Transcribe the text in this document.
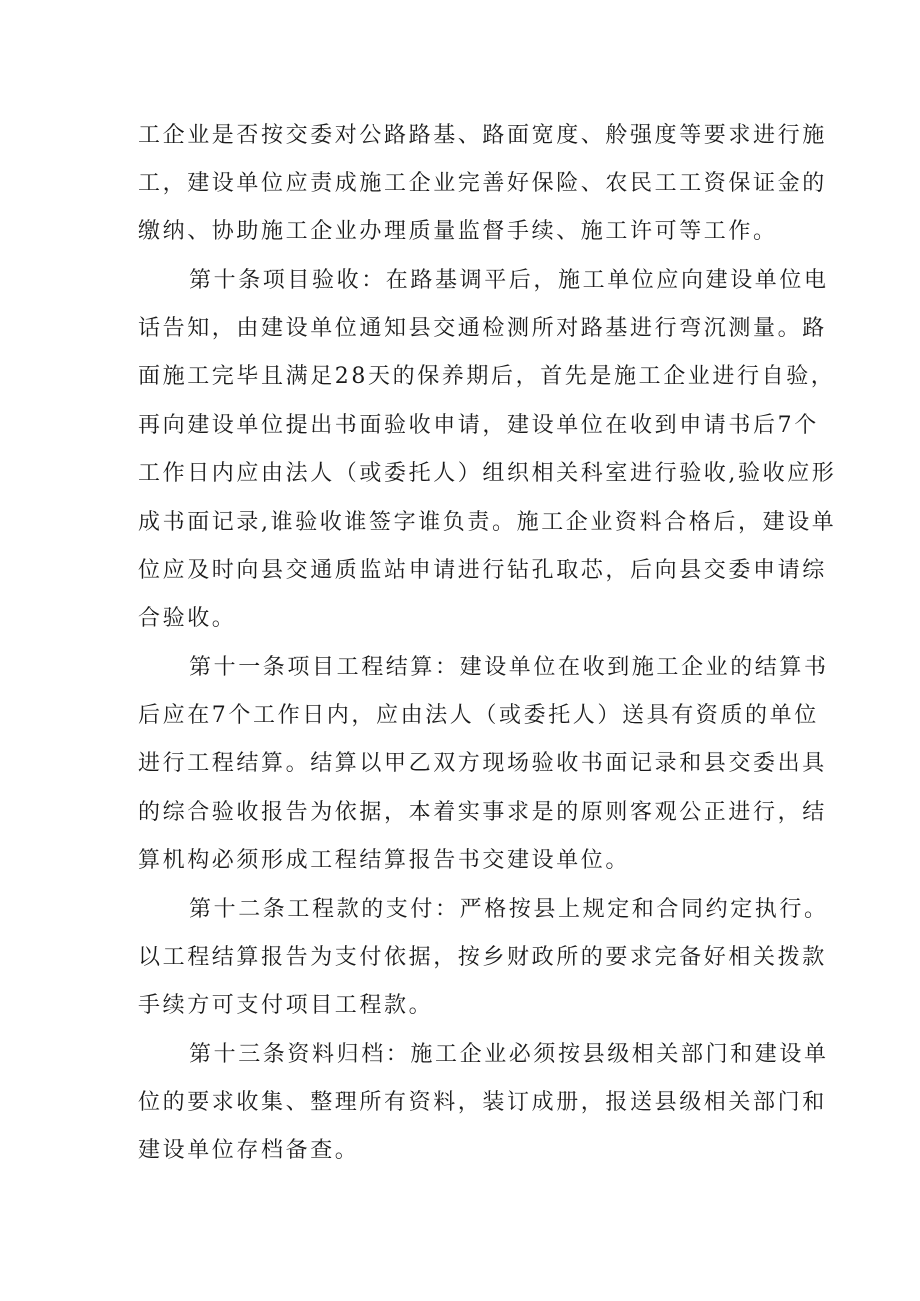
工企业是否按交委对公路路基、路面宽度、舲强度等要求进行施
工，建设单位应责成施工企业完善好保险、农民工工资保证金的
缴纳、协助施工企业办理质量监督手续、施工许可等工作。
第十条项目验收：在路基调平后，施工单位应向建设单位电
话告知，由建设单位通知县交通检测所对路基进行弯沉测量。路
面施工完毕且满足28天的保养期后，首先是施工企业进行自验，
再向建设单位提出书面验收申请，建设单位在收到申请书后7个
工作日内应由法人（或委托人）组织相关科室进行验收,验收应形
成书面记录,谁验收谁签字谁负责。施工企业资料合格后，建设单
位应及时向县交通质监站申请进行钻孔取芯，后向县交委申请综
合验收。
第十一条项目工程结算：建设单位在收到施工企业的结算书
后应在7个工作日内，应由法人（或委托人）送具有资质的单位
进行工程结算。结算以甲乙双方现场验收书面记录和县交委出具
的综合验收报告为依据，本着实事求是的原则客观公正进行，结
算机构必须形成工程结算报告书交建设单位。
第十二条工程款的支付：严格按县上规定和合同约定执行。
以工程结算报告为支付依据，按乡财政所的要求完备好相关拨款
手续方可支付项目工程款。
第十三条资料归档：施工企业必须按县级相关部门和建设单
位的要求收集、整理所有资料，装订成册，报送县级相关部门和
建设单位存档备查。
